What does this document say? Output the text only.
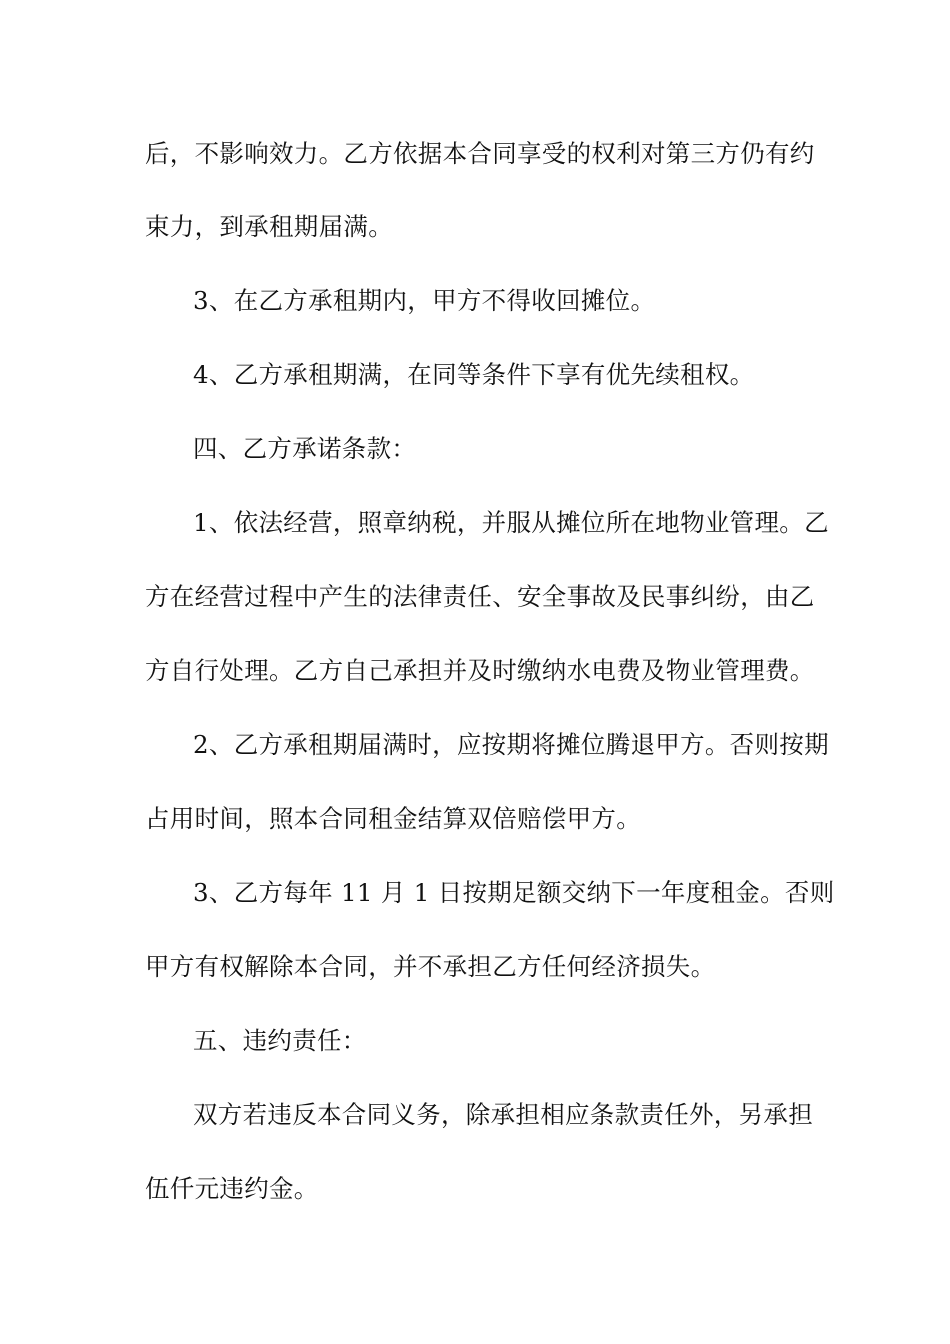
后，不影响效力。乙方依据本合同享受的权利对第三方仍有约
束力，到承租期届满。
3、在乙方承租期内，甲方不得收回摊位。
4、乙方承租期满，在同等条件下享有优先续租权。
四、乙方承诺条款：
1、依法经营，照章纳税，并服从摊位所在地物业管理。乙
方在经营过程中产生的法律责任、安全事故及民事纠纷，由乙
方自行处理。乙方自己承担并及时缴纳水电费及物业管理费。
2、乙方承租期届满时，应按期将摊位腾退甲方。否则按期
占用时间，照本合同租金结算双倍赔偿甲方。
3、乙方每年 11 月 1 日按期足额交纳下一年度租金。否则
甲方有权解除本合同，并不承担乙方任何经济损失。
五、违约责任：
双方若违反本合同义务，除承担相应条款责任外，另承担
伍仟元违约金。
